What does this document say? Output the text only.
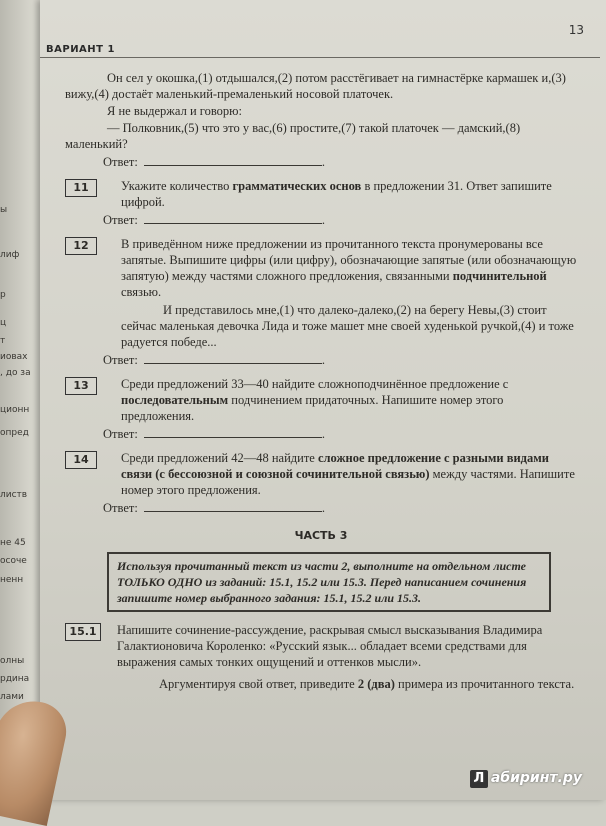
ы
лиф
р
ц
т
иовах
, до за
ционн
опред
листв
не 45
осоче
ненн
олны
рдина
лами
13
ВАРИАНТ 1

Он сел у окошка,(1) отдышался,(2) потом расстёгивает на гимнастёрке кармашек и,(3) вижу,(4) достаёт маленький-премаленький носовой платочек.

Я не выдержал и говорю:

— Полковник,(5) что это у вас,(6) простите,(7) такой платочек — дамский,(8) маленький?

Ответ:	.
11	Укажите количество грамматических основ в предложении 31. Ответ запишите цифрой.
Ответ:	.
12	В приведённом ниже предложении из прочитанного текста пронумерованы все запятые. Выпишите цифры (или цифру), обозначающие запятые (или обозначающую запятую) между частями сложного предложения, связанными подчинительной связью.

И представилось мне,(1) что далеко-далеко,(2) на берегу Невы,(3) стоит сейчас маленькая девочка Лида и тоже машет мне своей худенькой ручкой,(4) и тоже радуется победе...

Ответ:	.
13	Среди предложений 33—40 найдите сложноподчинённое предложение с последовательным подчинением придаточных. Напишите номер этого предложения.
Ответ:	.
14	Среди предложений 42—48 найдите сложное предложение с разными видами связи (с бессоюзной и союзной сочинительной связью) между частями. Напишите номер этого предложения.
Ответ:	.
ЧАСТЬ 3
Используя прочитанный текст из части 2, выполните на отдельном листе ТОЛЬКО ОДНО из заданий: 15.1, 15.2 или 15.3. Перед написанием сочинения запишите номер выбранного задания: 15.1, 15.2 или 15.3.
15.1	Напишите сочинение-рассуждение, раскрывая смысл высказывания Владимира Галактионовича Короленко: «Русский язык... обладает всеми средствами для выражения самых тонких ощущений и оттенков мысли».

Аргументируя свой ответ, приведите 2 (два) примера из прочитанного текста.

Л абиринт.ру
